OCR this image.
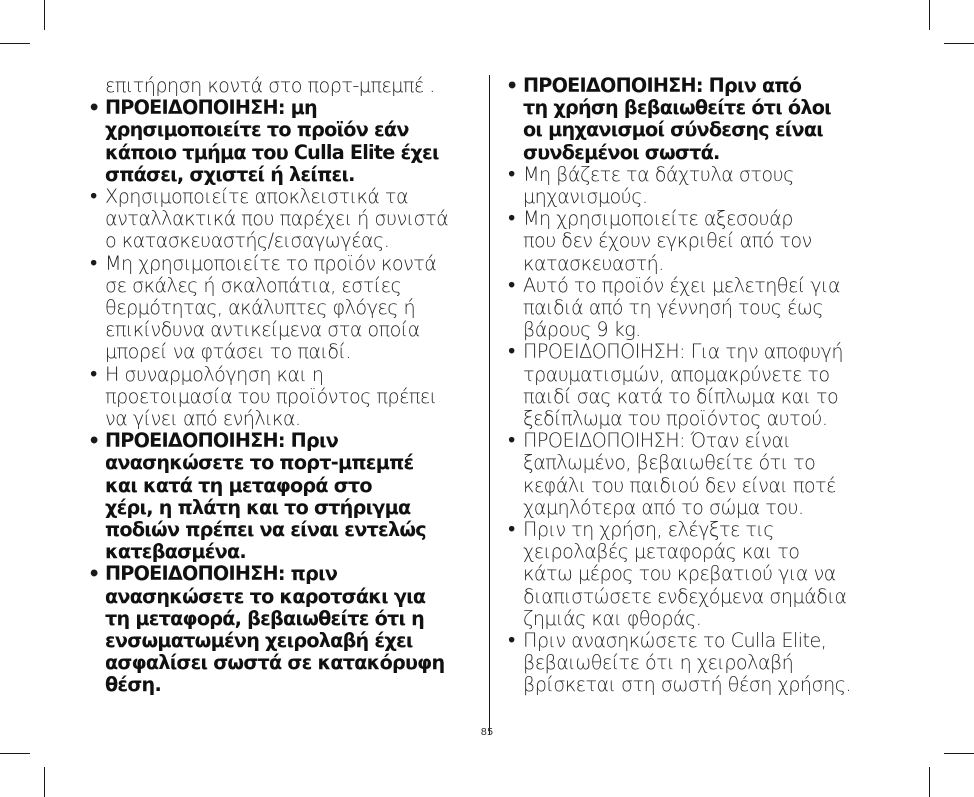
επιτήρηση κοντά στο πορτ-μπεμπέ .

• ΠΡΟΕΙΔΟΠΟΙΗΣΗ: μη
χρησιμοποιείτε το προϊόν εάν
κάποιο τμήμα του Culla Elite έχει
σπάσει, σχιστεί ή λείπει.
• Χρησιμοποιείτε αποκλειστικά τα
ανταλλακτικά που παρέχει ή συνιστά
ο κατασκευαστής/εισαγωγέας.
• Μη χρησιμοποιείτε το προϊόν κοντά
σε σκάλες ή σκαλοπάτια, εστίες
θερμότητας, ακάλυπτες φλόγες ή
επικίνδυνα αντικείμενα στα οποία
μπορεί να φτάσει το παιδί.
• Η συναρμολόγηση και η
προετοιμασία του προϊόντος πρέπει
να γίνει από ενήλικα.
• ΠΡΟΕΙΔΟΠΟΙΗΣΗ: Πριν
ανασηκώσετε το πορτ-μπεμπέ
και κατά τη μεταφορά στο
χέρι, η πλάτη και το στήριγμα
ποδιών πρέπει να είναι εντελώς
κατεβασμένα.
• ΠΡΟΕΙΔΟΠΟΙΗΣΗ: πριν
ανασηκώσετε το καροτσάκι για
τη μεταφορά, βεβαιωθείτε ότι η
ενσωματωμένη χειρολαβή έχει
ασφαλίσει σωστά σε κατακόρυφη
θέση.
• ΠΡΟΕΙΔΟΠΟΙΗΣΗ: Πριν από
τη χρήση βεβαιωθείτε ότι όλοι
οι μηχανισμοί σύνδεσης είναι
συνδεμένοι σωστά.
• Μη βάζετε τα δάχτυλα στους
μηχανισμούς.
• Μη χρησιμοποιείτε αξεσουάρ
που δεν έχουν εγκριθεί από τον
κατασκευαστή.
• Αυτό το προϊόν έχει μελετηθεί για
παιδιά από τη γέννησή τους έως
βάρους 9 kg.
• ΠΡΟΕΙΔΟΠΟΙΗΣΗ: Για την αποφυγή
τραυματισμών, απομακρύνετε το
παιδί σας κατά το δίπλωμα και το
ξεδίπλωμα του προϊόντος αυτού.
• ΠΡΟΕΙΔΟΠΟΙΗΣΗ: Όταν είναι
ξαπλωμένο, βεβαιωθείτε ότι το
κεφάλι του παιδιού δεν είναι ποτέ
χαμηλότερα από το σώμα του.
• Πριν τη χρήση, ελέγξτε τις
χειρολαβές μεταφοράς και το
κάτω μέρος του κρεβατιού για να
διαπιστώσετε ενδεχόμενα σημάδια
ζημιάς και φθοράς.
• Πριν ανασηκώσετε το Culla Elite,
βεβαιωθείτε ότι η χειρολαβή
βρίσκεται στη σωστή θέση χρήσης.
85
